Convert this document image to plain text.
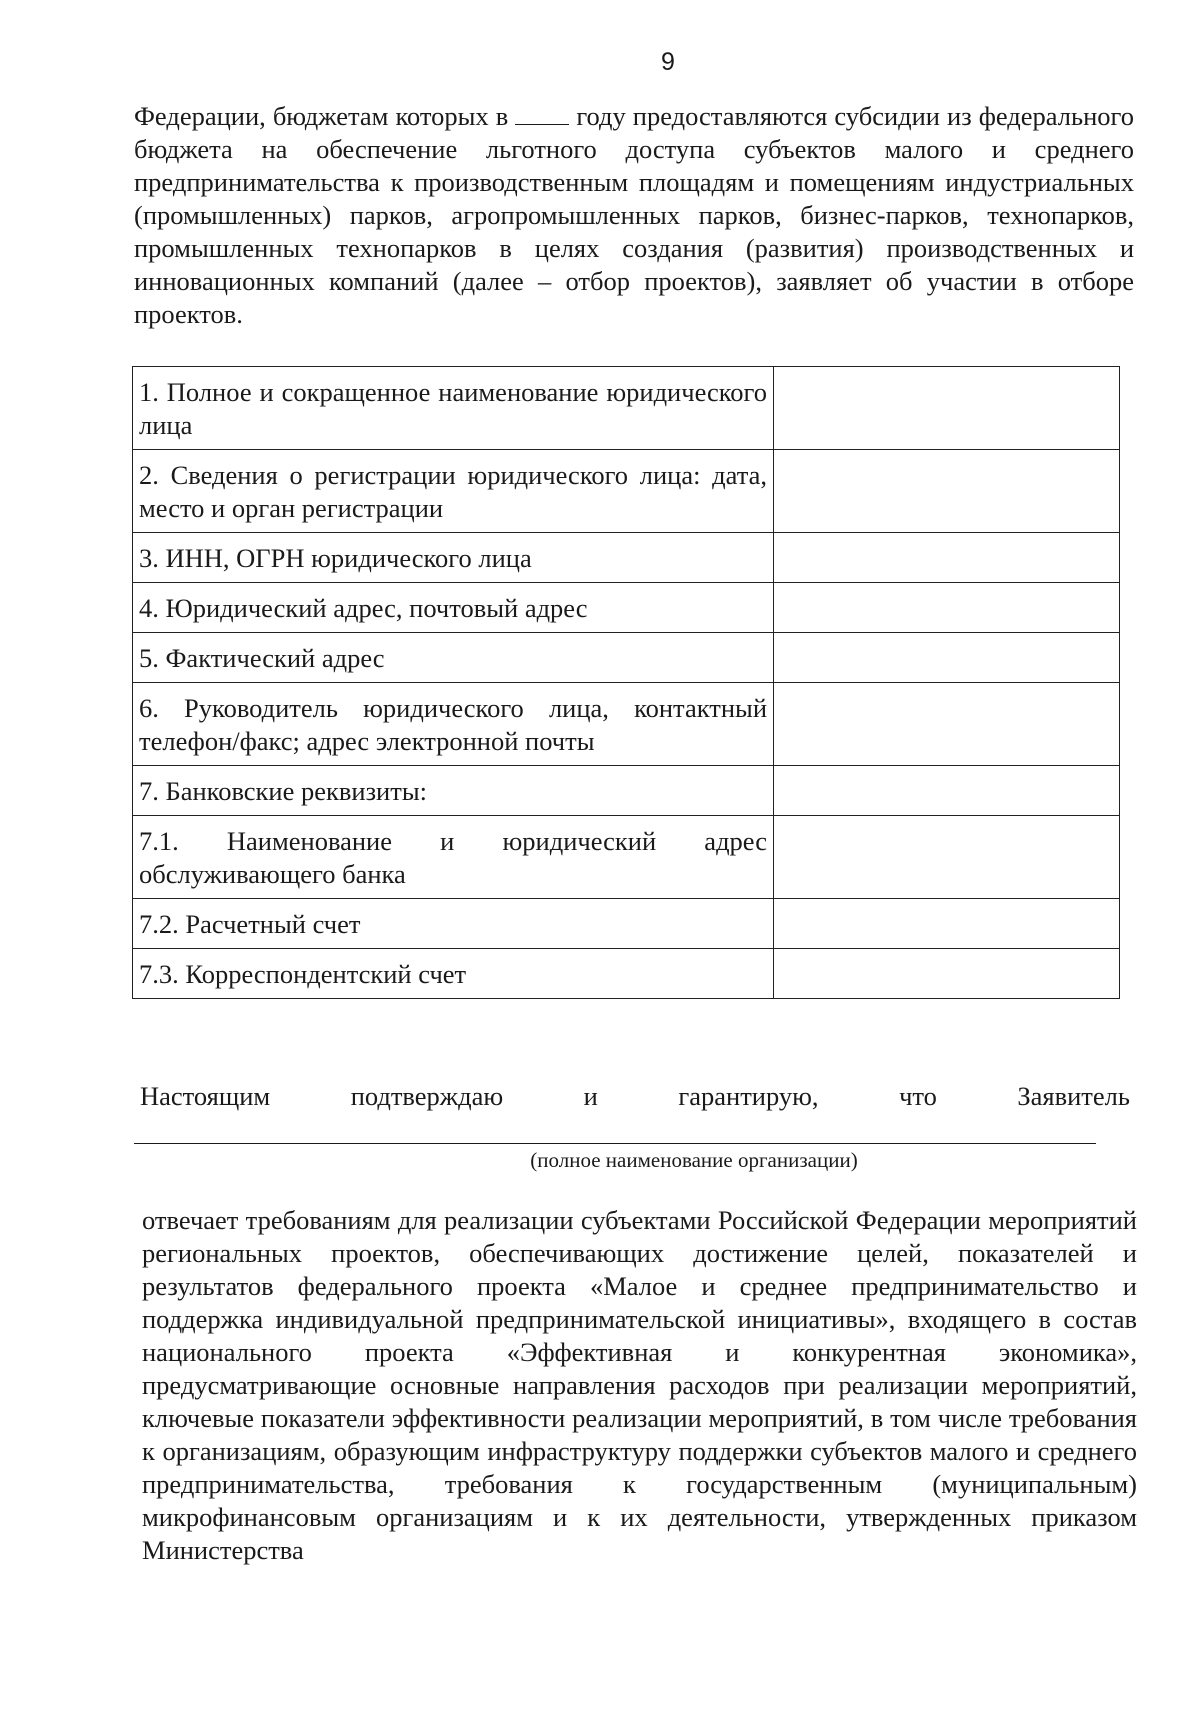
9
Федерации, бюджетам которых в  году предоставляются субсидии из федерального бюджета на обеспечение льготного доступа субъектов малого и среднего предпринимательства к производственным площадям и помещениям индустриальных (промышленных) парков, агропромышленных парков, бизнес-парков, технопарков, промышленных технопарков в целях создания (развития) производственных и инновационных компаний (далее – отбор проектов), заявляет об участии в отборе проектов.
1. Полное и сокращенное наименование юридического лица	
2. Сведения о регистрации юридического лица: дата, место и орган регистрации	
3. ИНН, ОГРН юридического лица	
4. Юридический адрес, почтовый адрес	
5. Фактический адрес	
6. Руководитель юридического лица, контактный телефон/факс; адрес электронной почты	
7. Банковские реквизиты:	
7.1. Наименование и юридический адрес обслуживающего банка	
7.2. Расчетный счет	
7.3. Корреспондентский счет	
Настоящим	подтверждаю	и	гарантирую,	что	Заявитель
(полное наименование организации)
отвечает требованиям для реализации субъектами Российской Федерации мероприятий региональных проектов, обеспечивающих достижение целей, показателей и результатов федерального проекта «Малое и среднее предпринимательство и поддержка индивидуальной предпринимательской инициативы», входящего в состав национального проекта «Эффективная и конкурентная экономика», предусматривающие основные направления расходов при реализации мероприятий, ключевые показатели эффективности реализации мероприятий, в том числе требования к организациям, образующим инфраструктуру поддержки субъектов малого и среднего предпринимательства, требования к государственным (муниципальным) микрофинансовым организациям и к их деятельности, утвержденных приказом Министерства
